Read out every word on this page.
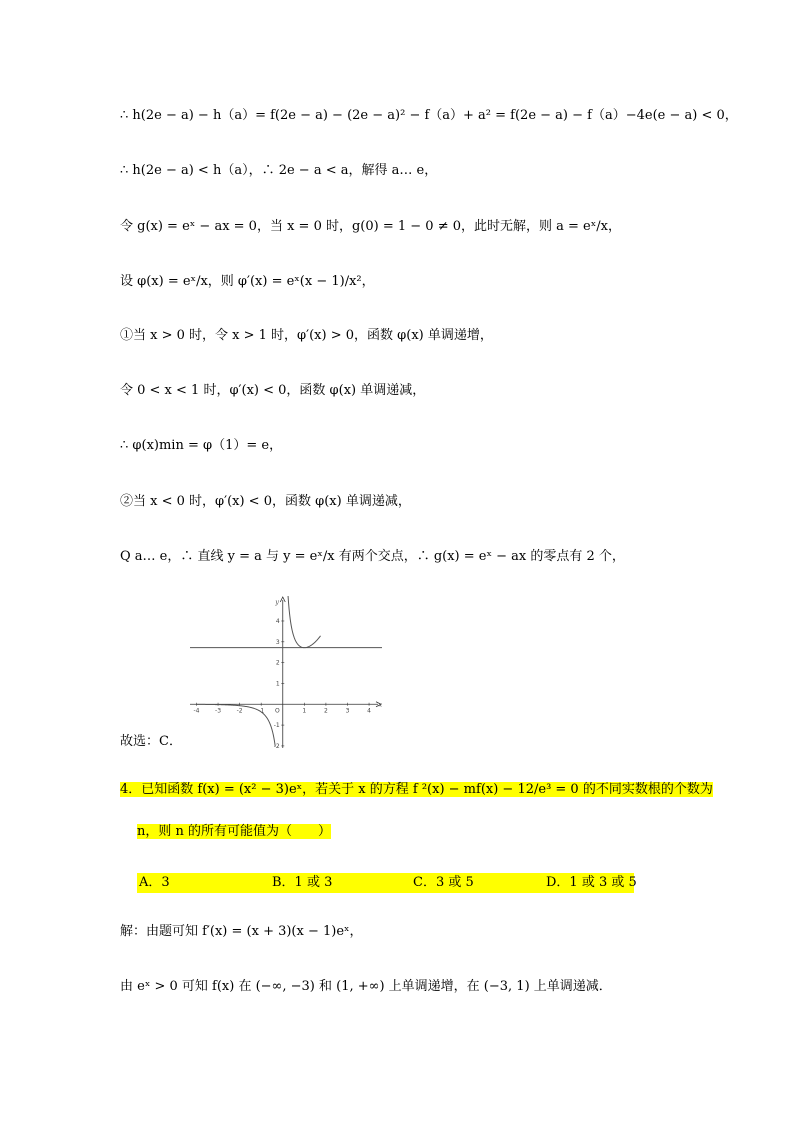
∴ h(2e − a) − h（a）= f(2e − a) − (2e − a)² − f（a）+ a² = f(2e − a) − f（a）−4e(e − a) < 0，
∴ h(2e − a) < h（a），∴ 2e − a < a，解得 a… e，
令 g(x) = eˣ − ax = 0，当 x = 0 时，g(0) = 1 − 0 ≠ 0，此时无解，则 a = eˣ/x，
设 φ(x) = eˣ/x，则 φ′(x) = eˣ(x − 1)/x²，
①当 x > 0 时，令 x > 1 时，φ′(x) > 0，函数 φ(x) 单调递增，
令 0 < x < 1 时，φ′(x) < 0，函数 φ(x) 单调递减，
∴ φ(x)min = φ（1）= e，
②当 x < 0 时，φ′(x) < 0，函数 φ(x) 单调递减，
Q a… e，∴ 直线 y = a 与 y = eˣ/x 有两个交点，∴ g(x) = eˣ − ax 的零点有 2 个，
-4	-3	-2	-1	1	2	3	4
4
3
2
1
-1
-2
O
x
y
故选：C．
4．已知函数 f(x) = (x² − 3)eˣ，若关于 x 的方程 f ²(x) − mf(x) − 12/e³ = 0 的不同实数根的个数为
n，则 n 的所有可能值为（　　）
A．3	B．1 或 3	C．3 或 5	D．1 或 3 或 5
解：由题可知 f′(x) = (x + 3)(x − 1)eˣ，
由 eˣ > 0 可知 f(x) 在 (−∞, −3) 和 (1, +∞) 上单调递增，在 (−3, 1) 上单调递减．
